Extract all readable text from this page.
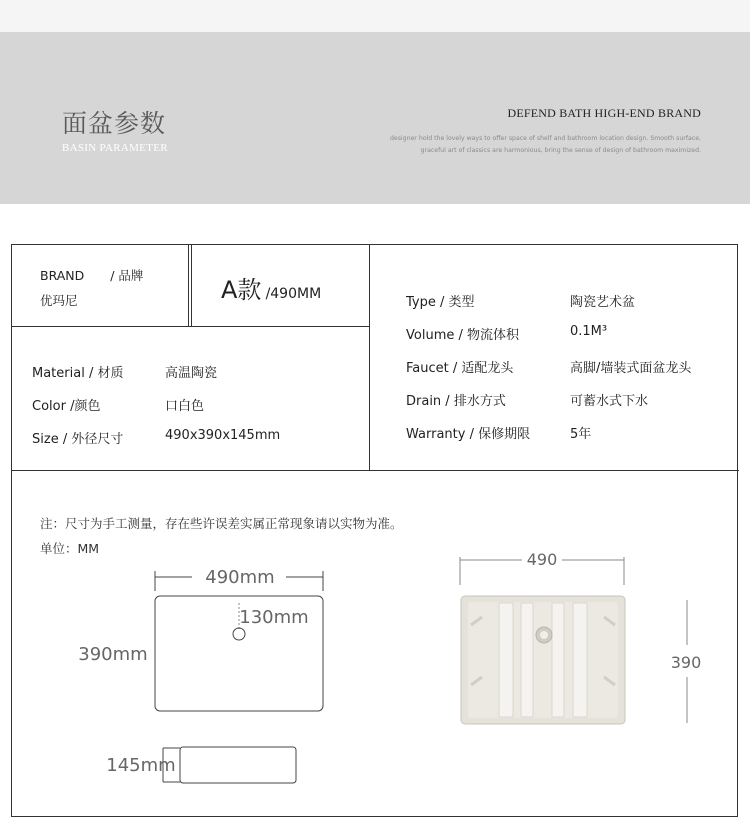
面盆参数
BASIN PARAMETER
DEFEND BATH HIGH-END BRAND
designer hold the lovely ways to offer space of shelf and bathroom location design. Smooth surface,
graceful art of classics are harmonious, bring the sense of design of bathroom maximized.
BRAND / 品牌
优玛尼	A款 /490MM
Material / 材质	高温陶瓷
Color /颜色	口白色
Size / 外径尺寸	490x390x145mm
Type / 类型	陶瓷艺术盆
Volume / 物流体积	0.1M³
Faucet / 适配龙头	高脚/墙装式面盆龙头
Drain / 排水方式	可蓄水式下水
Warranty / 保修期限	5年
注：尺寸为手工测量，存在些许误差实属正常现象请以实物为准。
单位：MM
490mm
390mm
130mm
145mm
490
390
